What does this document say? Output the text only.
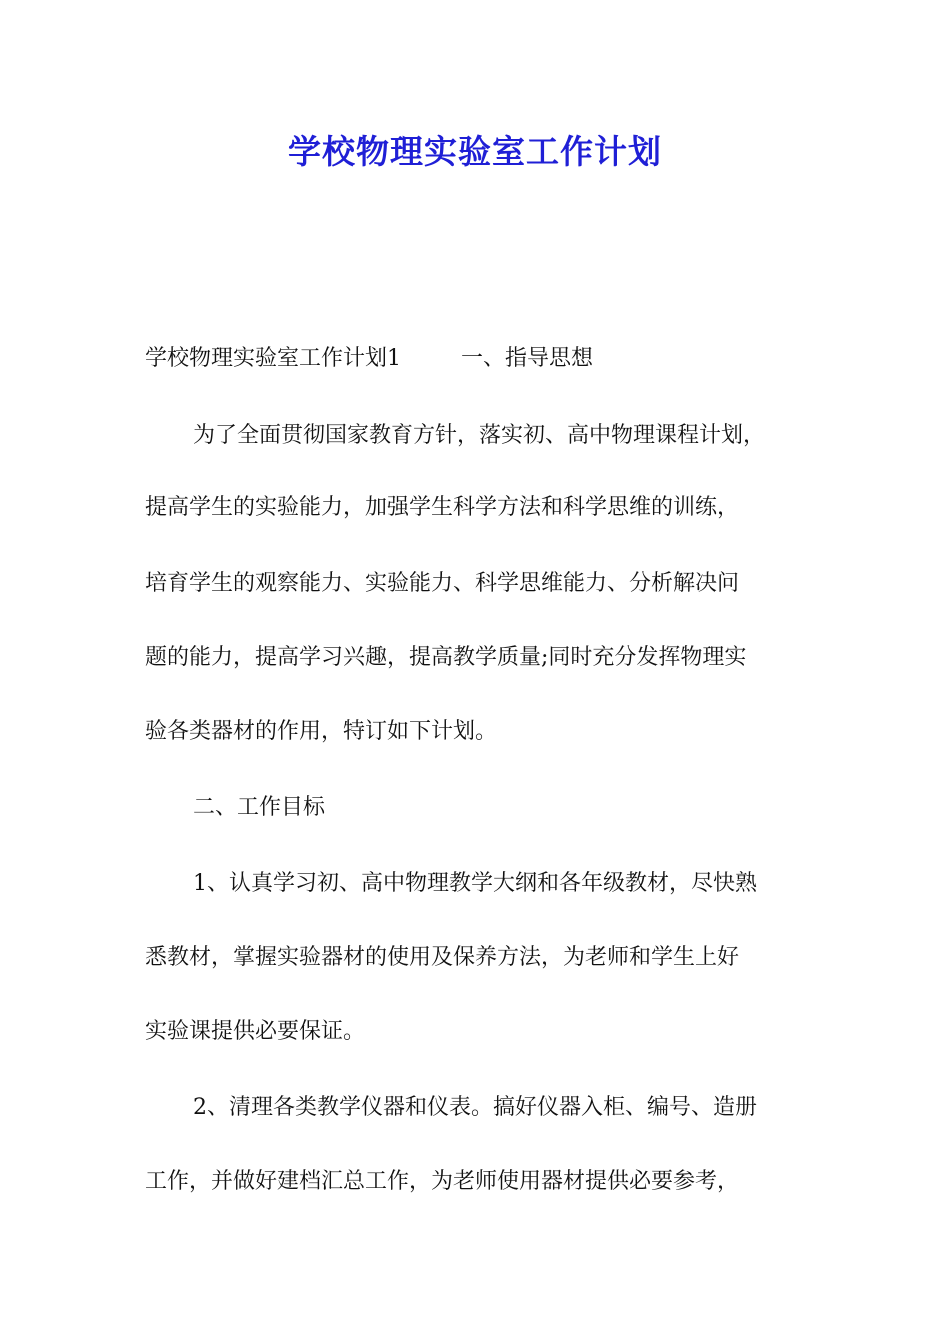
学校物理实验室工作计划

学校物理实验室工作计划1	一、指导思想

为了全面贯彻国家教育方针，落实初、高中物理课程计划，

提高学生的实验能力，加强学生科学方法和科学思维的训练，

培育学生的观察能力、实验能力、科学思维能力、分析解决问

题的能力，提高学习兴趣，提高教学质量;同时充分发挥物理实

验各类器材的作用，特订如下计划。

二、工作目标

1、认真学习初、高中物理教学大纲和各年级教材，尽快熟

悉教材，掌握实验器材的使用及保养方法，为老师和学生上好

实验课提供必要保证。

2、清理各类教学仪器和仪表。搞好仪器入柜、编号、造册

工作，并做好建档汇总工作，为老师使用器材提供必要参考，
